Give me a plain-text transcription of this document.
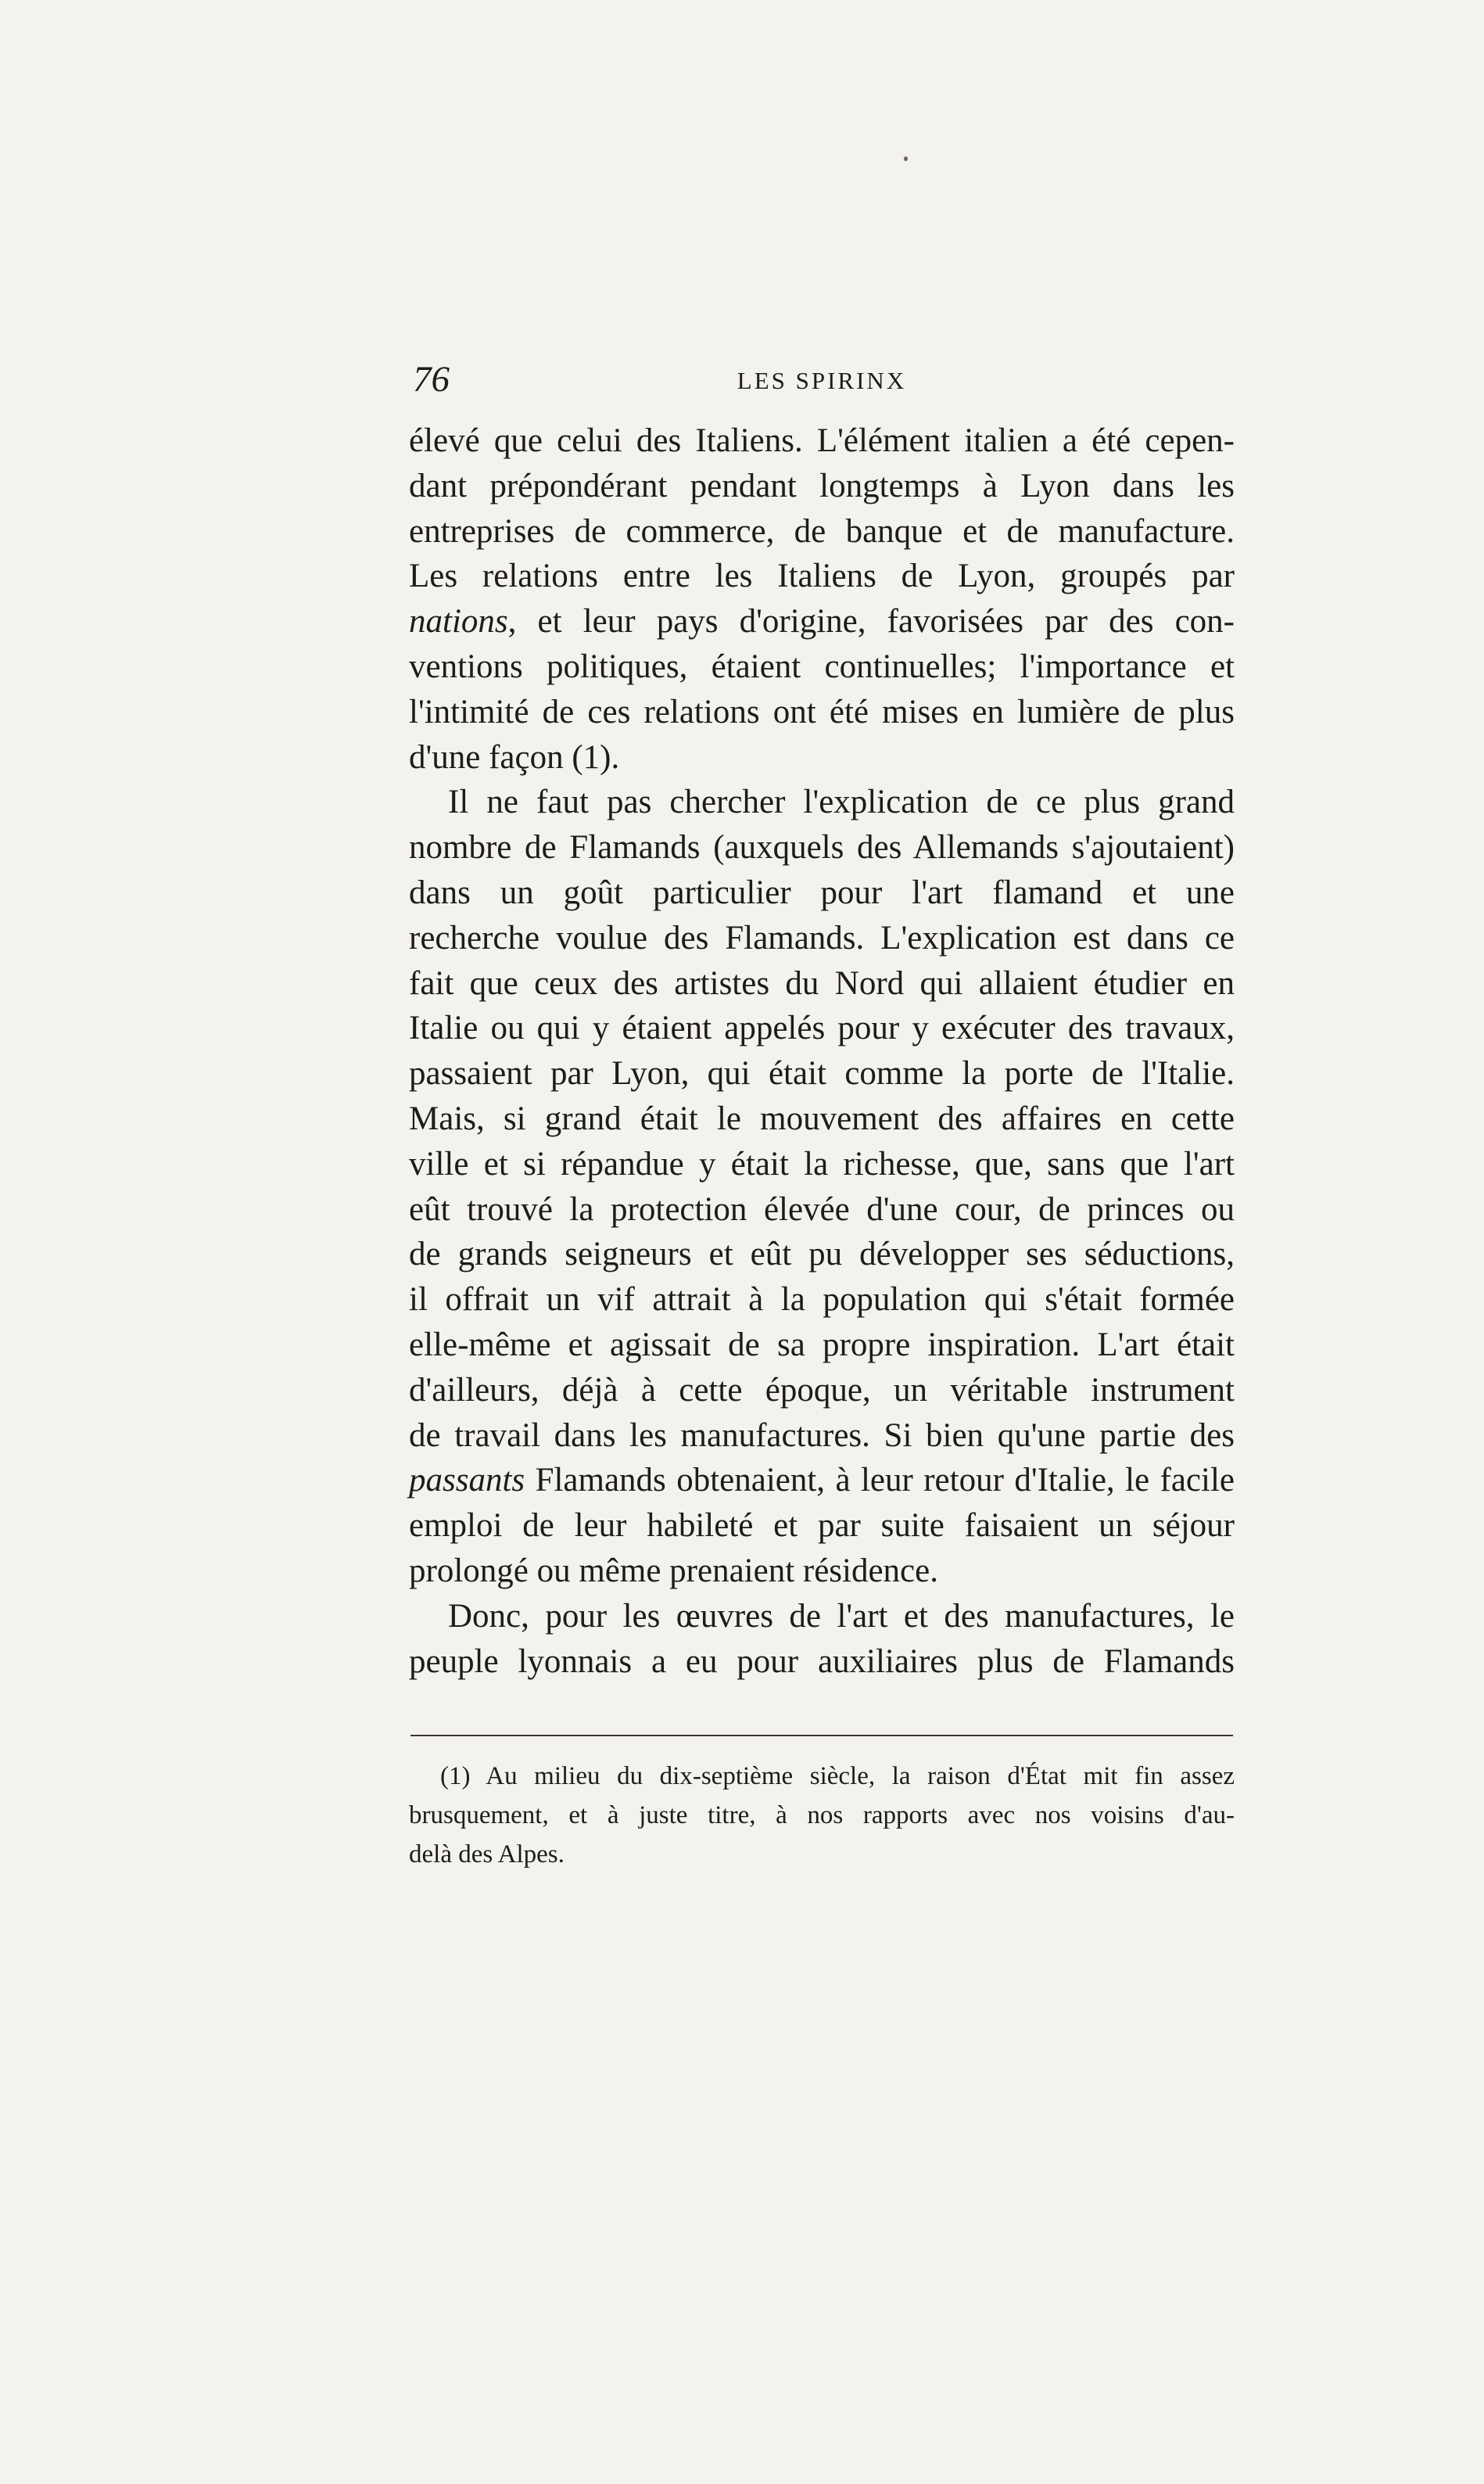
76	LES SPIRINX
élevé que celui des Italiens. L'élément italien a été cepen-
dant prépondérant pendant longtemps à Lyon dans les
entreprises de commerce, de banque et de manufacture.
Les relations entre les Italiens de Lyon, groupés par
nations, et leur pays d'origine, favorisées par des con-
ventions politiques, étaient continuelles; l'importance et
l'intimité de ces relations ont été mises en lumière de plus
d'une façon (1).
Il ne faut pas chercher l'explication de ce plus grand
nombre de Flamands (auxquels des Allemands s'ajoutaient)
dans un goût particulier pour l'art flamand et une
recherche voulue des Flamands. L'explication est dans ce
fait que ceux des artistes du Nord qui allaient étudier en
Italie ou qui y étaient appelés pour y exécuter des travaux,
passaient par Lyon, qui était comme la porte de l'Italie.
Mais, si grand était le mouvement des affaires en cette
ville et si répandue y était la richesse, que, sans que l'art
eût trouvé la protection élevée d'une cour, de princes ou
de grands seigneurs et eût pu développer ses séductions,
il offrait un vif attrait à la population qui s'était formée
elle-même et agissait de sa propre inspiration. L'art était
d'ailleurs, déjà à cette époque, un véritable instrument
de travail dans les manufactures. Si bien qu'une partie des
passants Flamands obtenaient, à leur retour d'Italie, le facile
emploi de leur habileté et par suite faisaient un séjour
prolongé ou même prenaient résidence.
Donc, pour les œuvres de l'art et des manufactures, le
peuple lyonnais a eu pour auxiliaires plus de Flamands
(1) Au milieu du dix-septième siècle, la raison d'État mit fin assez
brusquement, et à juste titre, à nos rapports avec nos voisins d'au-
delà des Alpes.
